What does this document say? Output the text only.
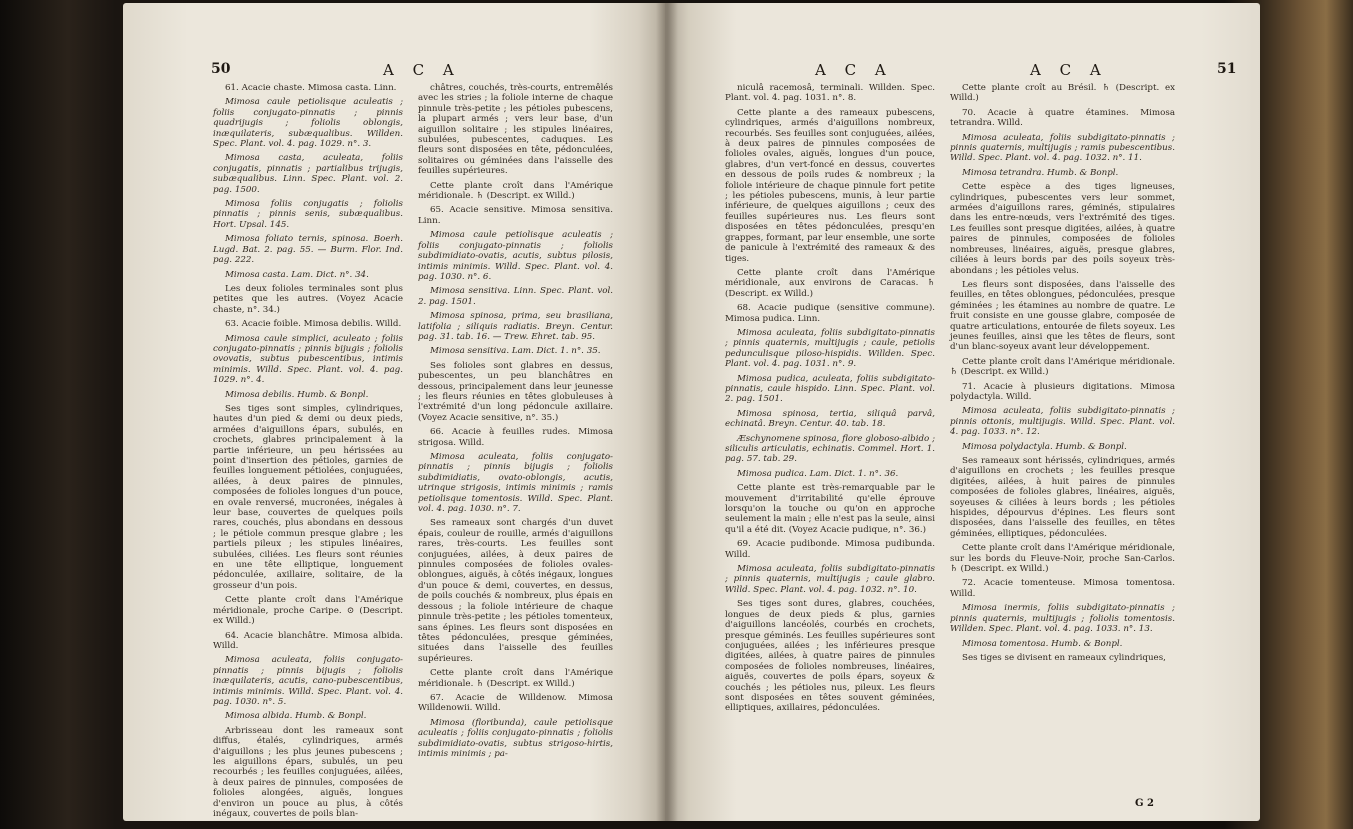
50	A C A

61. Acacie chaste. Mimosa casta. Linn.

Mimosa caule petiolisque aculeatis ; foliis conjugato-pinnatis ; pinnis quadrijugis ; foliolis oblongis, inæquilateris, subæqualibus. Willden. Spec. Plant. vol. 4. pag. 1029. n°. 3.

Mimosa casta, aculeata, foliis conjugatis, pinnatis ; partialibus trijugis, subæqualibus. Linn. Spec. Plant. vol. 2. pag. 1500.

Mimosa foliis conjugatis ; foliolis pinnatis ; pinnis senis, subæqualibus. Hort. Upsal. 145.

Mimosa foliato ternis, spinosa. Boerh. Lugd. Bat. 2. pag. 55. — Burm. Flor. Ind. pag. 222.

Mimosa casta. Lam. Dict. n°. 34.

Les deux folioles terminales sont plus petites que les autres. (Voyez Acacie chaste, n°. 34.)

63. Acacie foible. Mimosa debilis. Willd.

Mimosa caule simplici, aculeato ; foliis conjugato-pinnatis ; pinnis bijugis ; foliolis ovovatis, subtus pubescentibus, intimis minimis. Willd. Spec. Plant. vol. 4. pag. 1029. n°. 4.

Mimosa debilis. Humb. & Bonpl.

Ses tiges sont simples, cylindriques, hautes d'un pied & demi ou deux pieds, armées d'aiguillons épars, subulés, en crochets, glabres principalement à la partie inférieure, un peu hérissées au point d'insertion des pétioles, garnies de feuilles longuement pétiolées, conjuguées, ailées, à deux paires de pinnules, composées de folioles longues d'un pouce, en ovale renversé, mucronées, inégales à leur base, couvertes de quelques poils rares, couchés, plus abondans en dessous ; le pétiole commun presque glabre ; les partiels pileux ; les stipules linéaires, subulées, ciliées. Les fleurs sont réunies en une tête elliptique, longuement pédonculée, axillaire, solitaire, de la grosseur d'un pois.

Cette plante croît dans l'Amérique méridionale, proche Caripe. ⊙ (Descript. ex Willd.)

64. Acacie blanchâtre. Mimosa albida. Willd.

Mimosa aculeata, foliis conjugato-pinnatis ; pinnis bijugis ; foliolis inæquilateris, acutis, cano-pubescentibus, intimis minimis. Willd. Spec. Plant. vol. 4. pag. 1030. n°. 5.

Mimosa albida. Humb. & Bonpl.

Arbrisseau dont les rameaux sont diffus, étalés, cylindriques, armés d'aiguillons ; les plus jeunes pubescens ; les aiguillons épars, subulés, un peu recourbés ; les feuilles conjuguées, ailées, à deux paires de pinnules, composées de folioles alongées, aiguës, longues d'environ un pouce au plus, à côtés inégaux, couvertes de poils blan-

châtres, couchés, très-courts, entremêlés avec les stries ; la foliole interne de chaque pinnule très-petite ; les pétioles pubescens, la plupart armés ; vers leur base, d'un aiguillon solitaire ; les stipules linéaires, subulées, pubescentes, caduques. Les fleurs sont disposées en tête, pédonculées, solitaires ou géminées dans l'aisselle des feuilles supérieures.

Cette plante croît dans l'Amérique méridionale. ♄ (Descript. ex Willd.)

65. Acacie sensitive. Mimosa sensitiva. Linn.

Mimosa caule petiolisque aculeatis ; foliis conjugato-pinnatis ; foliolis subdimidiato-ovatis, acutis, subtus pilosis, intimis minimis. Willd. Spec. Plant. vol. 4. pag. 1030. n°. 6.

Mimosa sensitiva. Linn. Spec. Plant. vol. 2. pag. 1501.

Mimosa spinosa, prima, seu brasiliana, latifolia ; siliquis radiatis. Breyn. Centur. pag. 31. tab. 16. — Trew. Ehret. tab. 95.

Mimosa sensitiva. Lam. Dict. 1. n°. 35.

Ses folioles sont glabres en dessus, pubescentes, un peu blanchâtres en dessous, principalement dans leur jeunesse ; les fleurs réunies en têtes globuleuses à l'extrémité d'un long pédoncule axillaire. (Voyez Acacie sensitive, n°. 35.)

66. Acacie à feuilles rudes. Mimosa strigosa. Willd.

Mimosa aculeata, foliis conjugato-pinnatis ; pinnis bijugis ; foliolis subdimidiatis, ovato-oblongis, acutis, utrinque strigosis, intimis minimis ; ramis petiolisque tomentosis. Willd. Spec. Plant. vol. 4. pag. 1030. n°. 7.

Ses rameaux sont chargés d'un duvet épais, couleur de rouille, armés d'aiguillons rares, très-courts. Les feuilles sont conjuguées, ailées, à deux paires de pinnules composées de folioles ovales-oblongues, aiguës, à côtés inégaux, longues d'un pouce & demi, couvertes, en dessus, de poils couchés & nombreux, plus épais en dessous ; la foliole intérieure de chaque pinnule très-petite ; les pétioles tomenteux, sans épines. Les fleurs sont disposées en têtes pédonculées, presque géminées, situées dans l'aisselle des feuilles supérieures.

Cette plante croît dans l'Amérique méridionale. ♄ (Descript. ex Willd.)

67. Acacie de Willdenow. Mimosa Willdenowii. Willd.

Mimosa (floribunda), caule petiolisque aculeatis ; foliis conjugato-pinnatis ; foliolis subdimidiato-ovatis, subtus strigoso-hirtis, intimis minimis ; pa-

A C A	A C A	51

niculâ racemosâ, terminali. Willden. Spec. Plant. vol. 4. pag. 1031. n°. 8.

Cette plante a des rameaux pubescens, cylindriques, armés d'aiguillons nombreux, recourbés. Ses feuilles sont conjuguées, ailées, à deux paires de pinnules composées de folioles ovales, aiguës, longues d'un pouce, glabres, d'un vert-foncé en dessus, couvertes en dessous de poils rudes & nombreux ; la foliole intérieure de chaque pinnule fort petite ; les pétioles pubescens, munis, à leur partie inférieure, de quelques aiguillons ; ceux des feuilles supérieures nus. Les fleurs sont disposées en têtes pédonculées, presqu'en grappes, formant, par leur ensemble, une sorte de panicule à l'extrémité des rameaux & des tiges.

Cette plante croît dans l'Amérique méridionale, aux environs de Caracas. ♄ (Descript. ex Willd.)

68. Acacie pudique (sensitive commune). Mimosa pudica. Linn.

Mimosa aculeata, foliis subdigitato-pinnatis ; pinnis quaternis, multijugis ; caule, petiolis pedunculisque piloso-hispidis. Willden. Spec. Plant. vol. 4. pag. 1031. n°. 9.

Mimosa pudica, aculeata, foliis subdigitato-pinnatis, caule hispido. Linn. Spec. Plant. vol. 2. pag. 1501.

Mimosa spinosa, tertia, siliquâ parvâ, echinatâ. Breyn. Centur. 40. tab. 18.

Æschynomene spinosa, flore globoso-albido ; siliculis articulatis, echinatis. Commel. Hort. 1. pag. 57. tab. 29.

Mimosa pudica. Lam. Dict. 1. n°. 36.

Cette plante est très-remarquable par le mouvement d'irritabilité qu'elle éprouve lorsqu'on la touche ou qu'on en approche seulement la main ; elle n'est pas la seule, ainsi qu'il a été dit. (Voyez Acacie pudique, n°. 36.)

69. Acacie pudibonde. Mimosa pudibunda. Willd.

Mimosa aculeata, foliis subdigitato-pinnatis ; pinnis quaternis, multijugis ; caule glabro. Willd. Spec. Plant. vol. 4. pag. 1032. n°. 10.

Ses tiges sont dures, glabres, couchées, longues de deux pieds & plus, garnies d'aiguillons lancéolés, courbés en crochets, presque géminés. Les feuilles supérieures sont conjuguées, ailées ; les inférieures presque digitées, ailées, à quatre paires de pinnules composées de folioles nombreuses, linéaires, aiguës, couvertes de poils épars, soyeux & couchés ; les pétioles nus, pileux. Les fleurs sont disposées en têtes souvent géminées, elliptiques, axillaires, pédonculées.

Cette plante croît au Brésil. ♄ (Descript. ex Willd.)

70. Acacie à quatre étamines. Mimosa tetrandra. Willd.

Mimosa aculeata, foliis subdigitato-pinnatis ; pinnis quaternis, multijugis ; ramis pubescentibus. Willd. Spec. Plant. vol. 4. pag. 1032. n°. 11.

Mimosa tetrandra. Humb. & Bonpl.

Cette espèce a des tiges ligneuses, cylindriques, pubescentes vers leur sommet, armées d'aiguillons rares, géminés, stipulaires dans les entre-nœuds, vers l'extrémité des tiges. Les feuilles sont presque digitées, ailées, à quatre paires de pinnules, composées de folioles nombreuses, linéaires, aiguës, presque glabres, ciliées à leurs bords par des poils soyeux très-abondans ; les pétioles velus.

Les fleurs sont disposées, dans l'aisselle des feuilles, en têtes oblongues, pédonculées, presque géminées ; les étamines au nombre de quatre. Le fruit consiste en une gousse glabre, composée de quatre articulations, entourée de filets soyeux. Les jeunes feuilles, ainsi que les têtes de fleurs, sont d'un blanc-soyeux avant leur développement.

Cette plante croît dans l'Amérique méridionale. ♄ (Descript. ex Willd.)

71. Acacie à plusieurs digitations. Mimosa polydactyla. Willd.

Mimosa aculeata, foliis subdigitato-pinnatis ; pinnis ottonis, multijugis. Willd. Spec. Plant. vol. 4. pag. 1033. n°. 12.

Mimosa polydactyla. Humb. & Bonpl.

Ses rameaux sont hérissés, cylindriques, armés d'aiguillons en crochets ; les feuilles presque digitées, ailées, à huit paires de pinnules composées de folioles glabres, linéaires, aiguës, soyeuses & ciliées à leurs bords ; les pétioles hispides, dépourvus d'épines. Les fleurs sont disposées, dans l'aisselle des feuilles, en têtes géminées, elliptiques, pédonculées.

Cette plante croît dans l'Amérique méridionale, sur les bords du Fleuve-Noir, proche San-Carlos. ♄ (Descript. ex Willd.)

72. Acacie tomenteuse. Mimosa tomentosa. Willd.

Mimosa inermis, foliis subdigitato-pinnatis ; pinnis quaternis, multijugis ; foliolis tomentosis. Willden. Spec. Plant. vol. 4. pag. 1033. n°. 13.

Mimosa tomentosa. Humb. & Bonpl.

Ses tiges se divisent en rameaux cylindriques,

G 2
